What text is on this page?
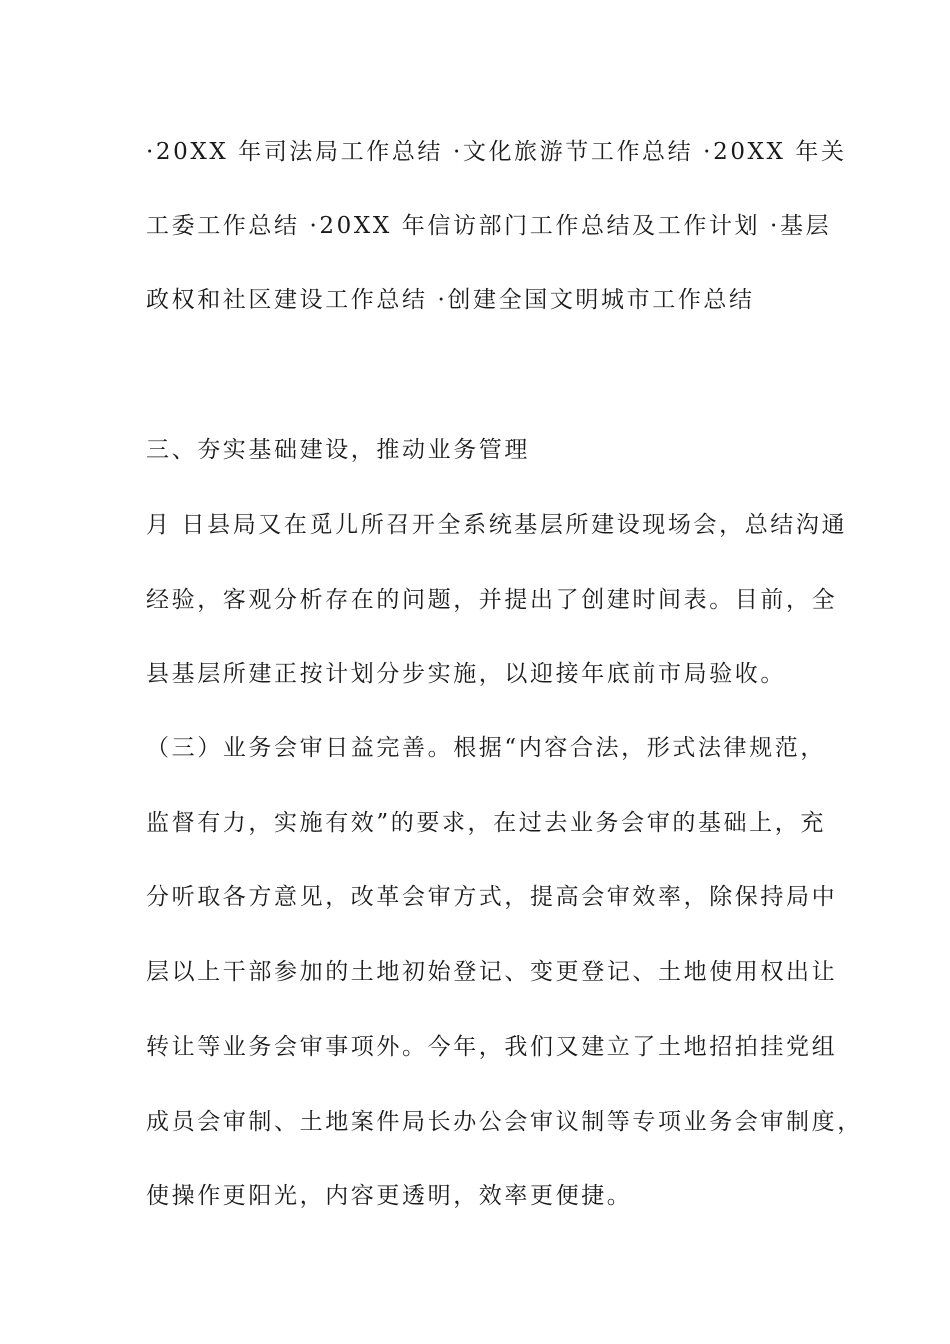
·20XX 年司法局工作总结 ·文化旅游节工作总结 ·20XX 年关
工委工作总结 ·20XX 年信访部门工作总结及工作计划 ·基层
政权和社区建设工作总结 ·创建全国文明城市工作总结
三、夯实基础建设，推动业务管理
月 日县局又在觅儿所召开全系统基层所建设现场会，总结沟通
经验，客观分析存在的问题，并提出了创建时间表。目前，全
县基层所建正按计划分步实施，以迎接年底前市局验收。
（三）业务会审日益完善。根据“内容合法，形式法律规范，
监督有力，实施有效”的要求，在过去业务会审的基础上，充
分听取各方意见，改革会审方式，提高会审效率，除保持局中
层以上干部参加的土地初始登记、变更登记、土地使用权出让
转让等业务会审事项外。今年，我们又建立了土地招拍挂党组
成员会审制、土地案件局长办公会审议制等专项业务会审制度，
使操作更阳光，内容更透明，效率更便捷。
